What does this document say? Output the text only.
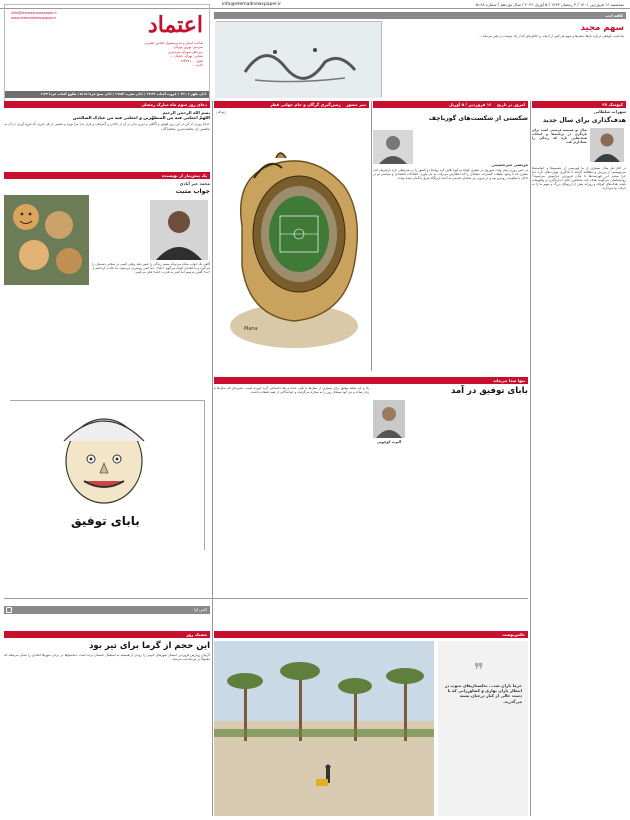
سه‌شنبه ۱۶ فروردین ۱۴۰۱ / ۳ رمضان ۱۴۴۳ / ۵ آوریل ۲۰۲۲ / سال نوزدهم / شماره ۵۱۶۸
info@etemadnewspaper.ir
اعتماد
info@etemadnewspaper.ir
www.etemadnewspaper.ir
صاحب امتیاز و مدیرمسئول: الیاس حضرتی
سردبیر: بهروز بهزادی
زیر نظر شورای سردبیری
نشانی: تهران، خیابان ...
تلفن: ۶۶۴۷۷۱۰۰
چاپ: ...
اذان ظهر ۱۳:۰۶ / غروب آفتاب ۱۹:۳۴ / اذان مغرب ۱۹:۵۳ / اذان صبح فردا ۵:۱۸ / طلوع آفتاب فردا ۶:۴۴
دعای روز سوم ماه مبارک رمضان
کافه ادب
سهم مجید
یادداشت کوتاهی درباره نام‌ها، شعرها و سهم هر کس از ادبیات و خاطره‌ای که از یک دوست در ذهن می‌ماند...
بسم الله الرحمن الرحیم
اللهمّ اجعلنی فیه من المتطهّرین و اجعلنی فیه من عبادک الصالحین
خدایا روزی ام کن در این روز هوش و آگاهی و دورم بدار در آن از نادانی و گمراهی و قرار بده مرا بهره و نصیبی از هر خیری که فرود آوری در آن به بخشش ای بخشنده‌ترین بخشندگان.
تیتر مصور زمین‌گیری گرگان و جام جهانی قطر
ژئوکلی
Mana
امروز در تاریخ ۱۶ فروردین / ۵ آوریل
شکستی از شکست‌های گورباچف
مرتضی میرحسینی
در چنین روزی رهبر وقت شوروی در سفری کوتاه به کوبا تلاش کرد روابط دو کشور را در شرایطی تازه بازتعریف کند. سفری که با وجود تبلیغات گسترده، نتیجه‌ای را که انتظارش می‌رفت به بار نیاورد. اصلاحات اقتصادی و سیاسی او در داخل با مقاومت روبه‌رو بود و در بیرون نیز متحدان قدیمی به آینده اردوگاه شرق بدگمان شده بودند.
کیوسک ۲۷
سهراب سلطانی
هدف‌گذاری برای سال جدید
سال نو همیشه فرصتی است برای بازنگری در برنامه‌ها و انتخاب هدف‌هایی تازه که زندگی را معنادارتر کند.
در آغاز هر سال بسیاری از ما فهرستی از تصمیم‌ها و خواسته‌ها می‌نویسیم؛ از ورزش و مطالعه گرفته تا یادگیری مهارت‌های تازه. اما چرا بیشتر این فهرست‌ها تا پایان فروردین فراموش می‌شوند؟ روانشناسان می‌گویند هدف باید مشخص، قابل اندازه‌گیری و واقع‌بینانه باشد. هدف‌های کوچک و روزانه بیش از آرزوهای بزرگ و مبهم ما را به حرکت وا می‌دارند.
یک پیش‌نیاز از نویسنده
محمد خیر آبادی
جواب مثبت
گاهی یک جواب ساده می‌تواند مسیر زندگی را تغییر دهد. وقتی کسی در سختی دستمان را می‌گیرد و با لبخندی کوتاه می‌گوید «بله»، دنیا کمی روشن‌تر می‌شود. ما عادت کرده‌ایم از «نه» گفتن بترسیم اما کمتر به قدرت «بله» فکر می‌کنیم.
تنها صدا می‌ماند
بابای توفیق در آمد
آلبرت کوچویی
یاد و نام مجله توفیق برای بسیاری از نسل‌ها با طنز، خنده و نقد اجتماعی گره خورده است. نشریه‌ای که سال‌ها با زبان ساده و تیز خود مسائل روز را به سخره می‌گرفت و خوانندگانی از همه طبقات داشت.
بابای توفیق
مشتک روز
این حجم از گرما برای تیر بود
گرمای زودرس فروردین امسال شهرهای جنوبی را زودتر از همیشه به استقبال تابستان برده است. دماسنج‌ها در برخی شهرها اعدادی را نشان می‌دهند که معمولاً در تیرماه ثبت می‌شد.
اکس اوا
عکس‌نوشت
❞
خرما باران شد... نخلستان‌های جنوب در انتظار باران بهاری و کشاورزانی که با دست خالی از کنار درختان تشنه می‌گذرند.
